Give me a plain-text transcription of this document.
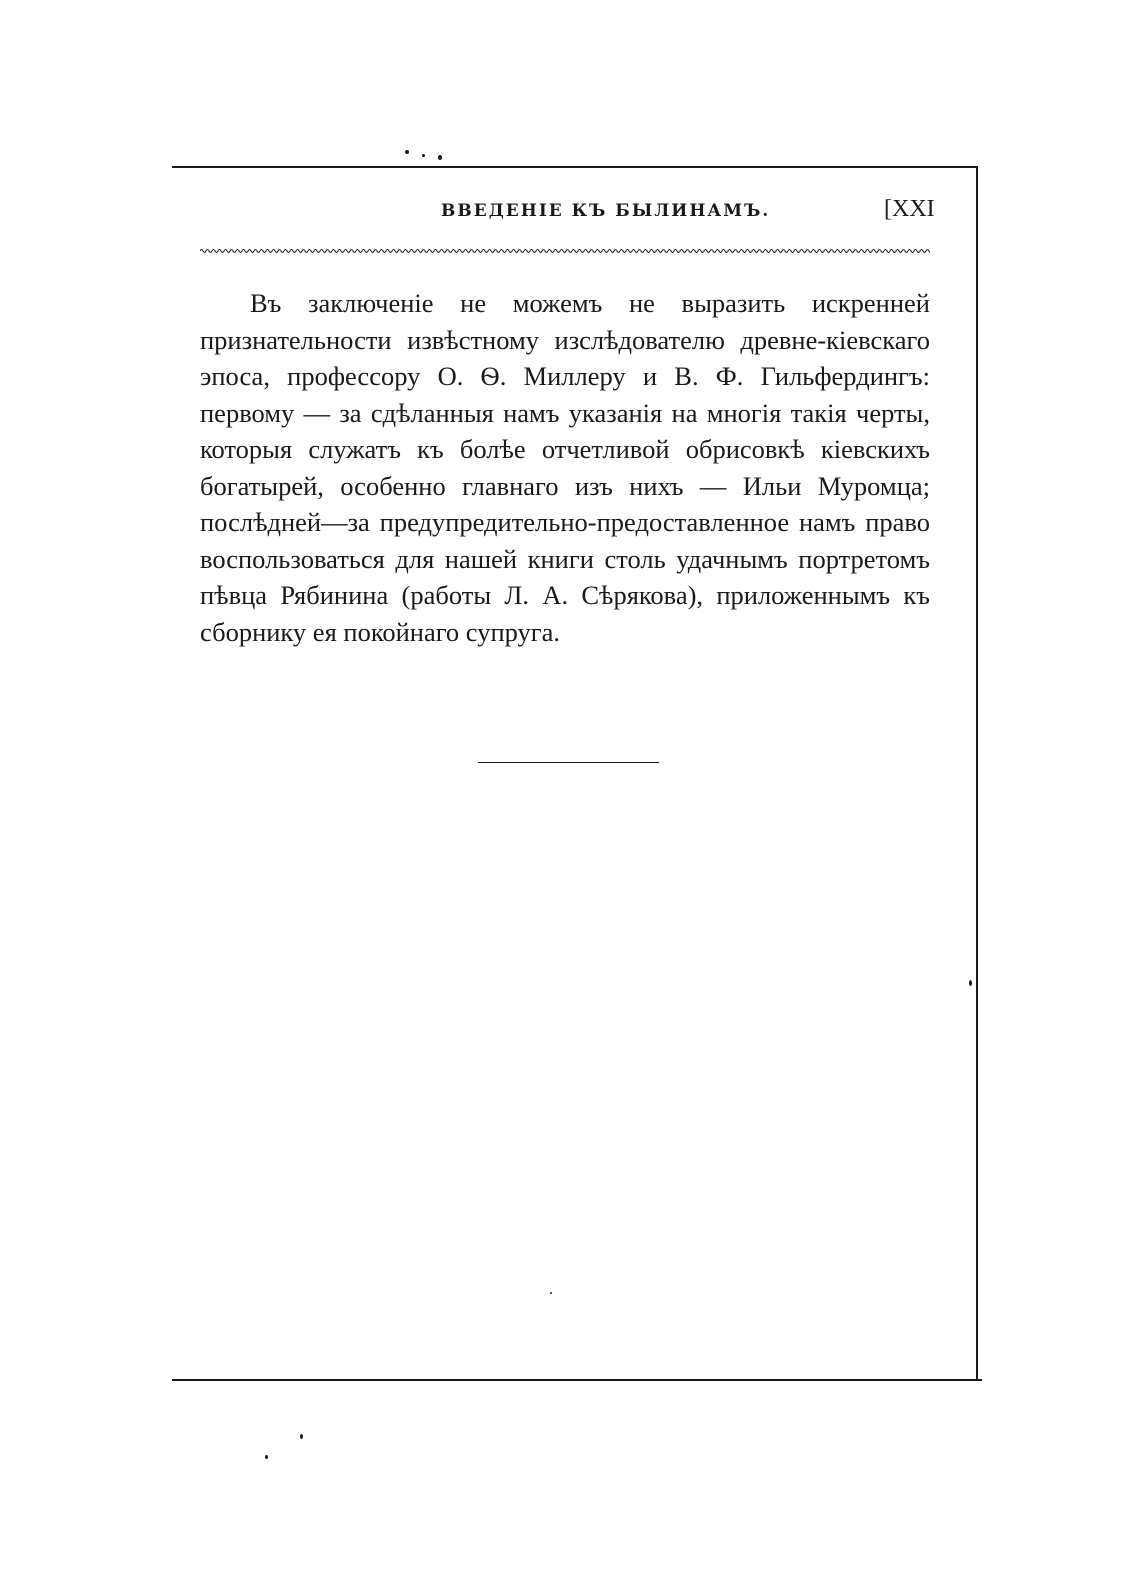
ВВЕДЕНІЕ КЪ БЫЛИНАМЪ.	[XXI

Въ заключеніе не можемъ не выразить искренней признательности извѣстному изслѣдователю древне-кіевскаго эпоса, профессору О. Ѳ. Миллеру и В. Ф. Гильфердингъ: первому — за сдѣланныя намъ указанія на многія такія черты, которыя служатъ къ болѣе отчетливой обрисовкѣ кіевскихъ богатырей, особенно главнаго изъ нихъ — Ильи Муромца; послѣдней—за предупредительно-предоставленное намъ право воспользоваться для нашей книги столь удачнымъ портретомъ пѣвца Рябинина (работы Л. А. Сѣрякова), приложеннымъ къ сборнику ея покойнаго супруга.
